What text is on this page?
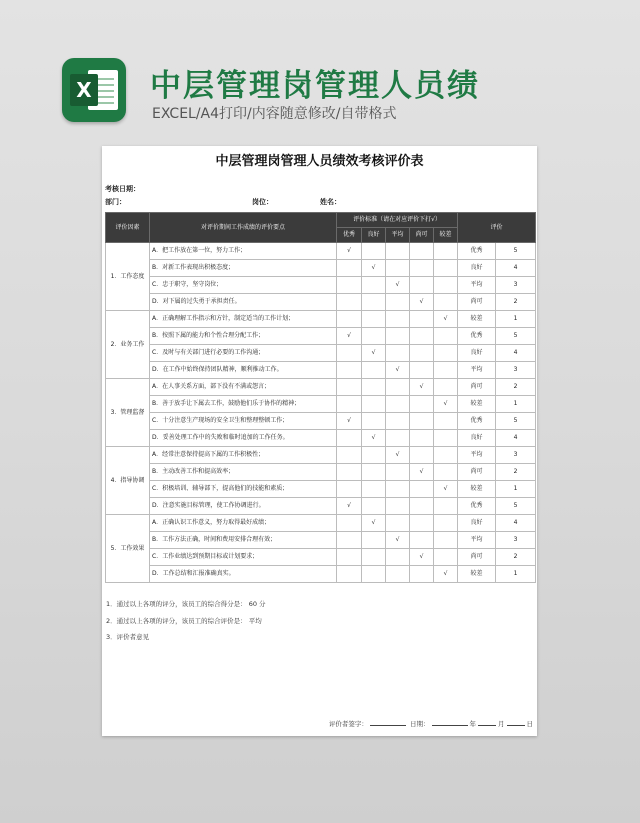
X 中层管理岗管理人员绩
EXCEL/A4打印/内容随意修改/自带格式
中层管理岗管理人员绩效考核评价表
考核日期：
部门：	岗位：	姓名：
评价因素	对评价期间工作成绩的评价要点	评价标准（请在对应评价下打√）					评价	
		优秀	良好	平均	尚可	较差		
1．工作态度	A．把工作放在第一位，努力工作；	√					优秀	5
	B．对新工作表现出积极态度；		√				良好	4
	C．忠于职守，坚守岗位；			√			平均	3
	D．对下属的过失勇于承担责任。				√		尚可	2
2．业务工作	A．正确理解工作指示和方针，制定适当的工作计划；					√	较差	1
	B．按照下属的能力和个性合理分配工作；	√					优秀	5
	C．及时与有关部门进行必要的工作沟通；		√				良好	4
	D．在工作中始终保持团队精神，顺利推动工作。			√			平均	3
3．管理监督	A．在人事关系方面，部下没有不满或怨言；				√		尚可	2
	B．善于放手让下属去工作，鼓励他们乐于协作的精神；					√	较差	1
	C．十分注意生产现场的安全卫生和整理整顿工作；	√					优秀	5
	D．妥善处理工作中的失败和临时追加的工作任务。		√				良好	4
4．指导协调	A．经常注意保持提高下属的工作积极性；			√			平均	3
	B．主动改善工作和提高效率；				√		尚可	2
	C．积极培训、辅导部下，提高他们的技能和素质；					√	较差	1
	D．注意实施目标管理，使工作协调进行。	√					优秀	5
5．工作效果	A．正确认识工作意义，努力取得最好成绩；		√				良好	4
	B．工作方法正确，时间和费用安排合理有效；			√			平均	3
	C．工作业绩达到预期目标或计划要求；				√		尚可	2
	D．工作总结和汇报准确真实。					√	较差	1
1．通过以上各项的评分，该员工的综合得分是： 60 分
2．通过以上各项的评分，该员工的综合评价是： 平均
3．评价者意见
评价者签字：	日期：	年	月	日
